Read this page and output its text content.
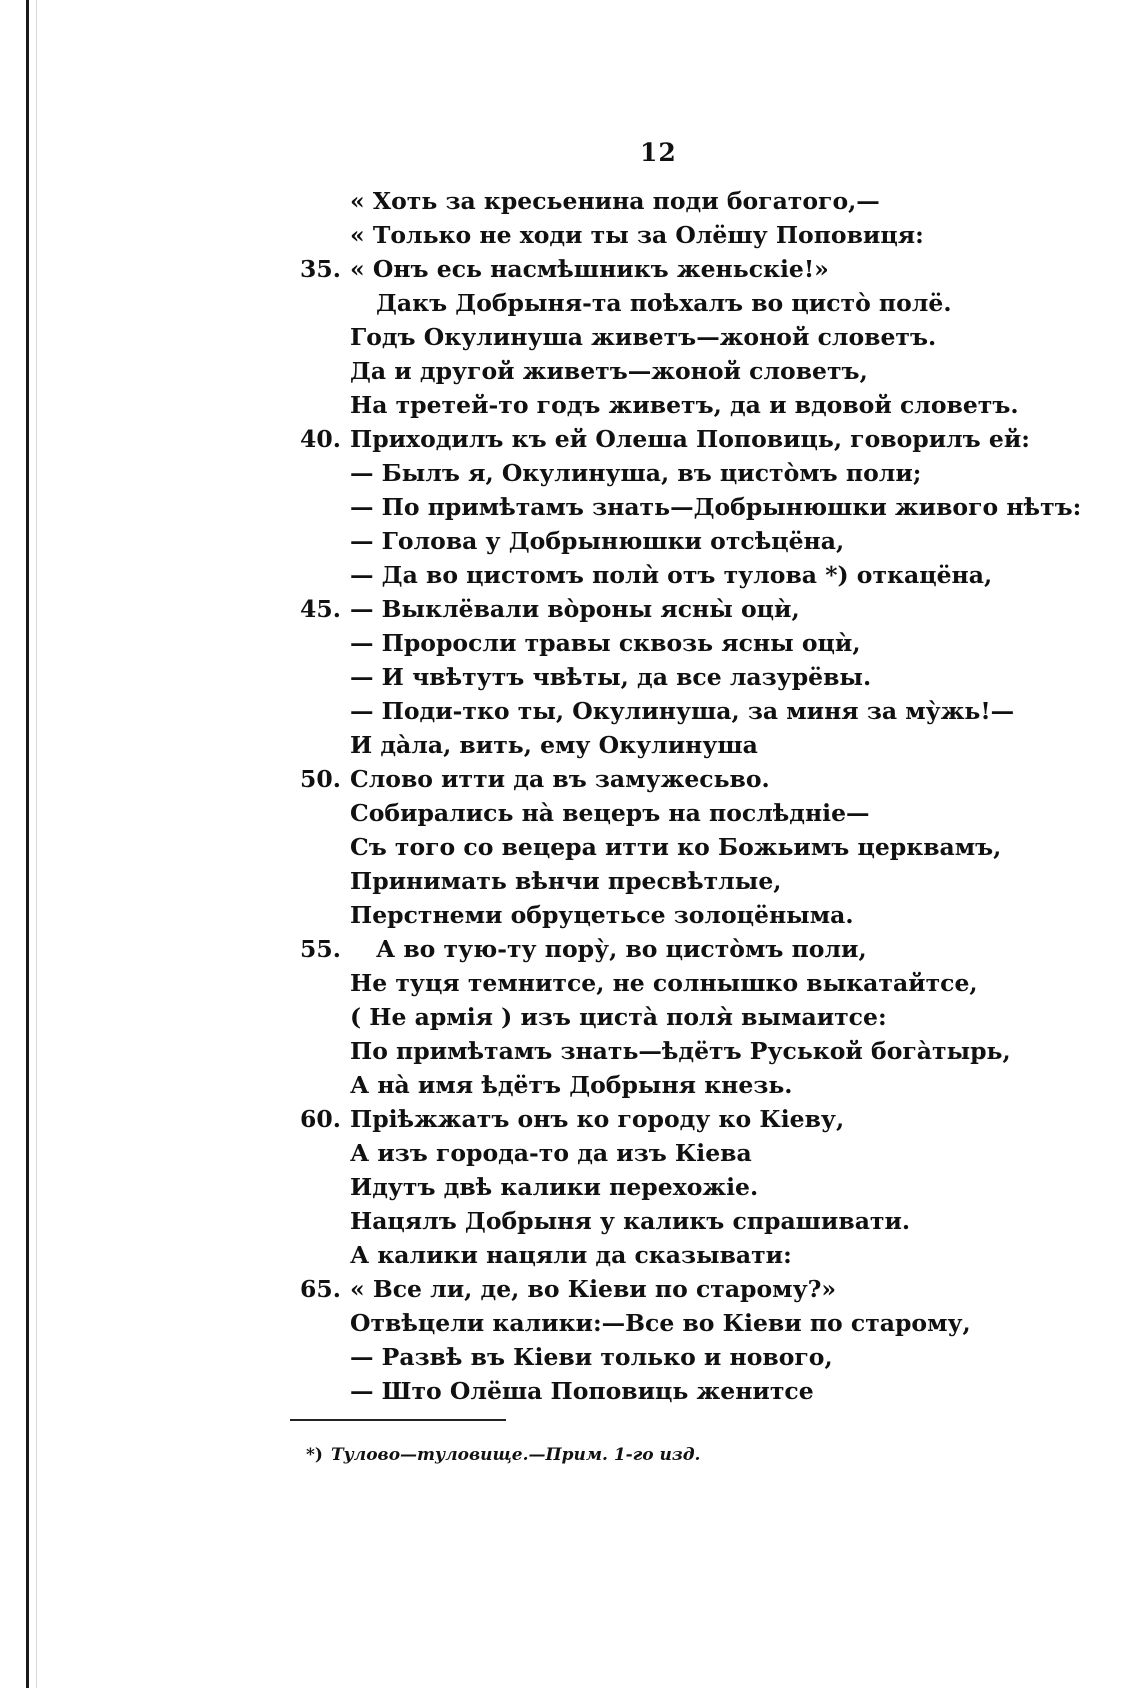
12
« Хоть за кресьенина поди богатого,—
« Только не ходи ты за Олёшу Поповиця:
35. « Онъ есь насмѣшникъ женьскіе!»
Дакъ Добрыня-та поѣхалъ во цисто̀ полё.
Годъ Окулинуша живетъ—жоной словетъ.
Да и другой живетъ—жоной словетъ,
На третей-то годъ живетъ, да и вдовой словетъ.
40. Приходилъ къ ей Олеша Поповиць, говорилъ ей:
— Былъ я, Окулинуша, въ цисто̀мъ поли;
— По примѣтамъ знать—Добрынюшки живого нѣтъ:
— Голова у Добрынюшки отсѣцёна,
— Да во цистомъ полѝ отъ тулова *) откацёна,
45. — Выклёвали во̀роны ясны̀ оцѝ,
— Проросли травы сквозь ясны оцѝ,
— И чвѣтутъ чвѣты, да все лазурёвы.
— Поди-тко ты, Окулинуша, за миня за му̀жь!—
И да̀ла, вить, ему Окулинуша
50. Слово итти да въ замужесьво.
Собирались на̀ вецеръ на послѣдніе—
Съ того со вецера итти ко Божьимъ церквамъ,
Принимать вѣнчи пресвѣтлые,
Перстнеми обруцетьсе золоцёныма.
55.	А во тую-ту пору̀, во цисто̀мъ поли,
Не туця темнитсе, не солнышко выкатайтсе,
( Не армія ) изъ циста̀ поля̀ вымаитсе:
По примѣтамъ знать—ѣдётъ Руськой бога̀тырь,
А на̀ имя ѣдётъ Добрыня кнезь.
60. Пріѣжжатъ онъ ко городу ко Кіеву,
А изъ города-то да изъ Кіева
Идутъ двѣ калики перехожіе.
Нацялъ Добрыня у каликъ спрашивати.
А калики нацяли да сказывати:
65. « Все ли, де, во Кіеви по старому?»
Отвѣцели калики:—Все во Кіеви по старому,
— Развѣ въ Кіеви только и нового,
— Што Олёша Поповиць женитсе
*) Тулово—туловище.—Прим. 1-го изд.
